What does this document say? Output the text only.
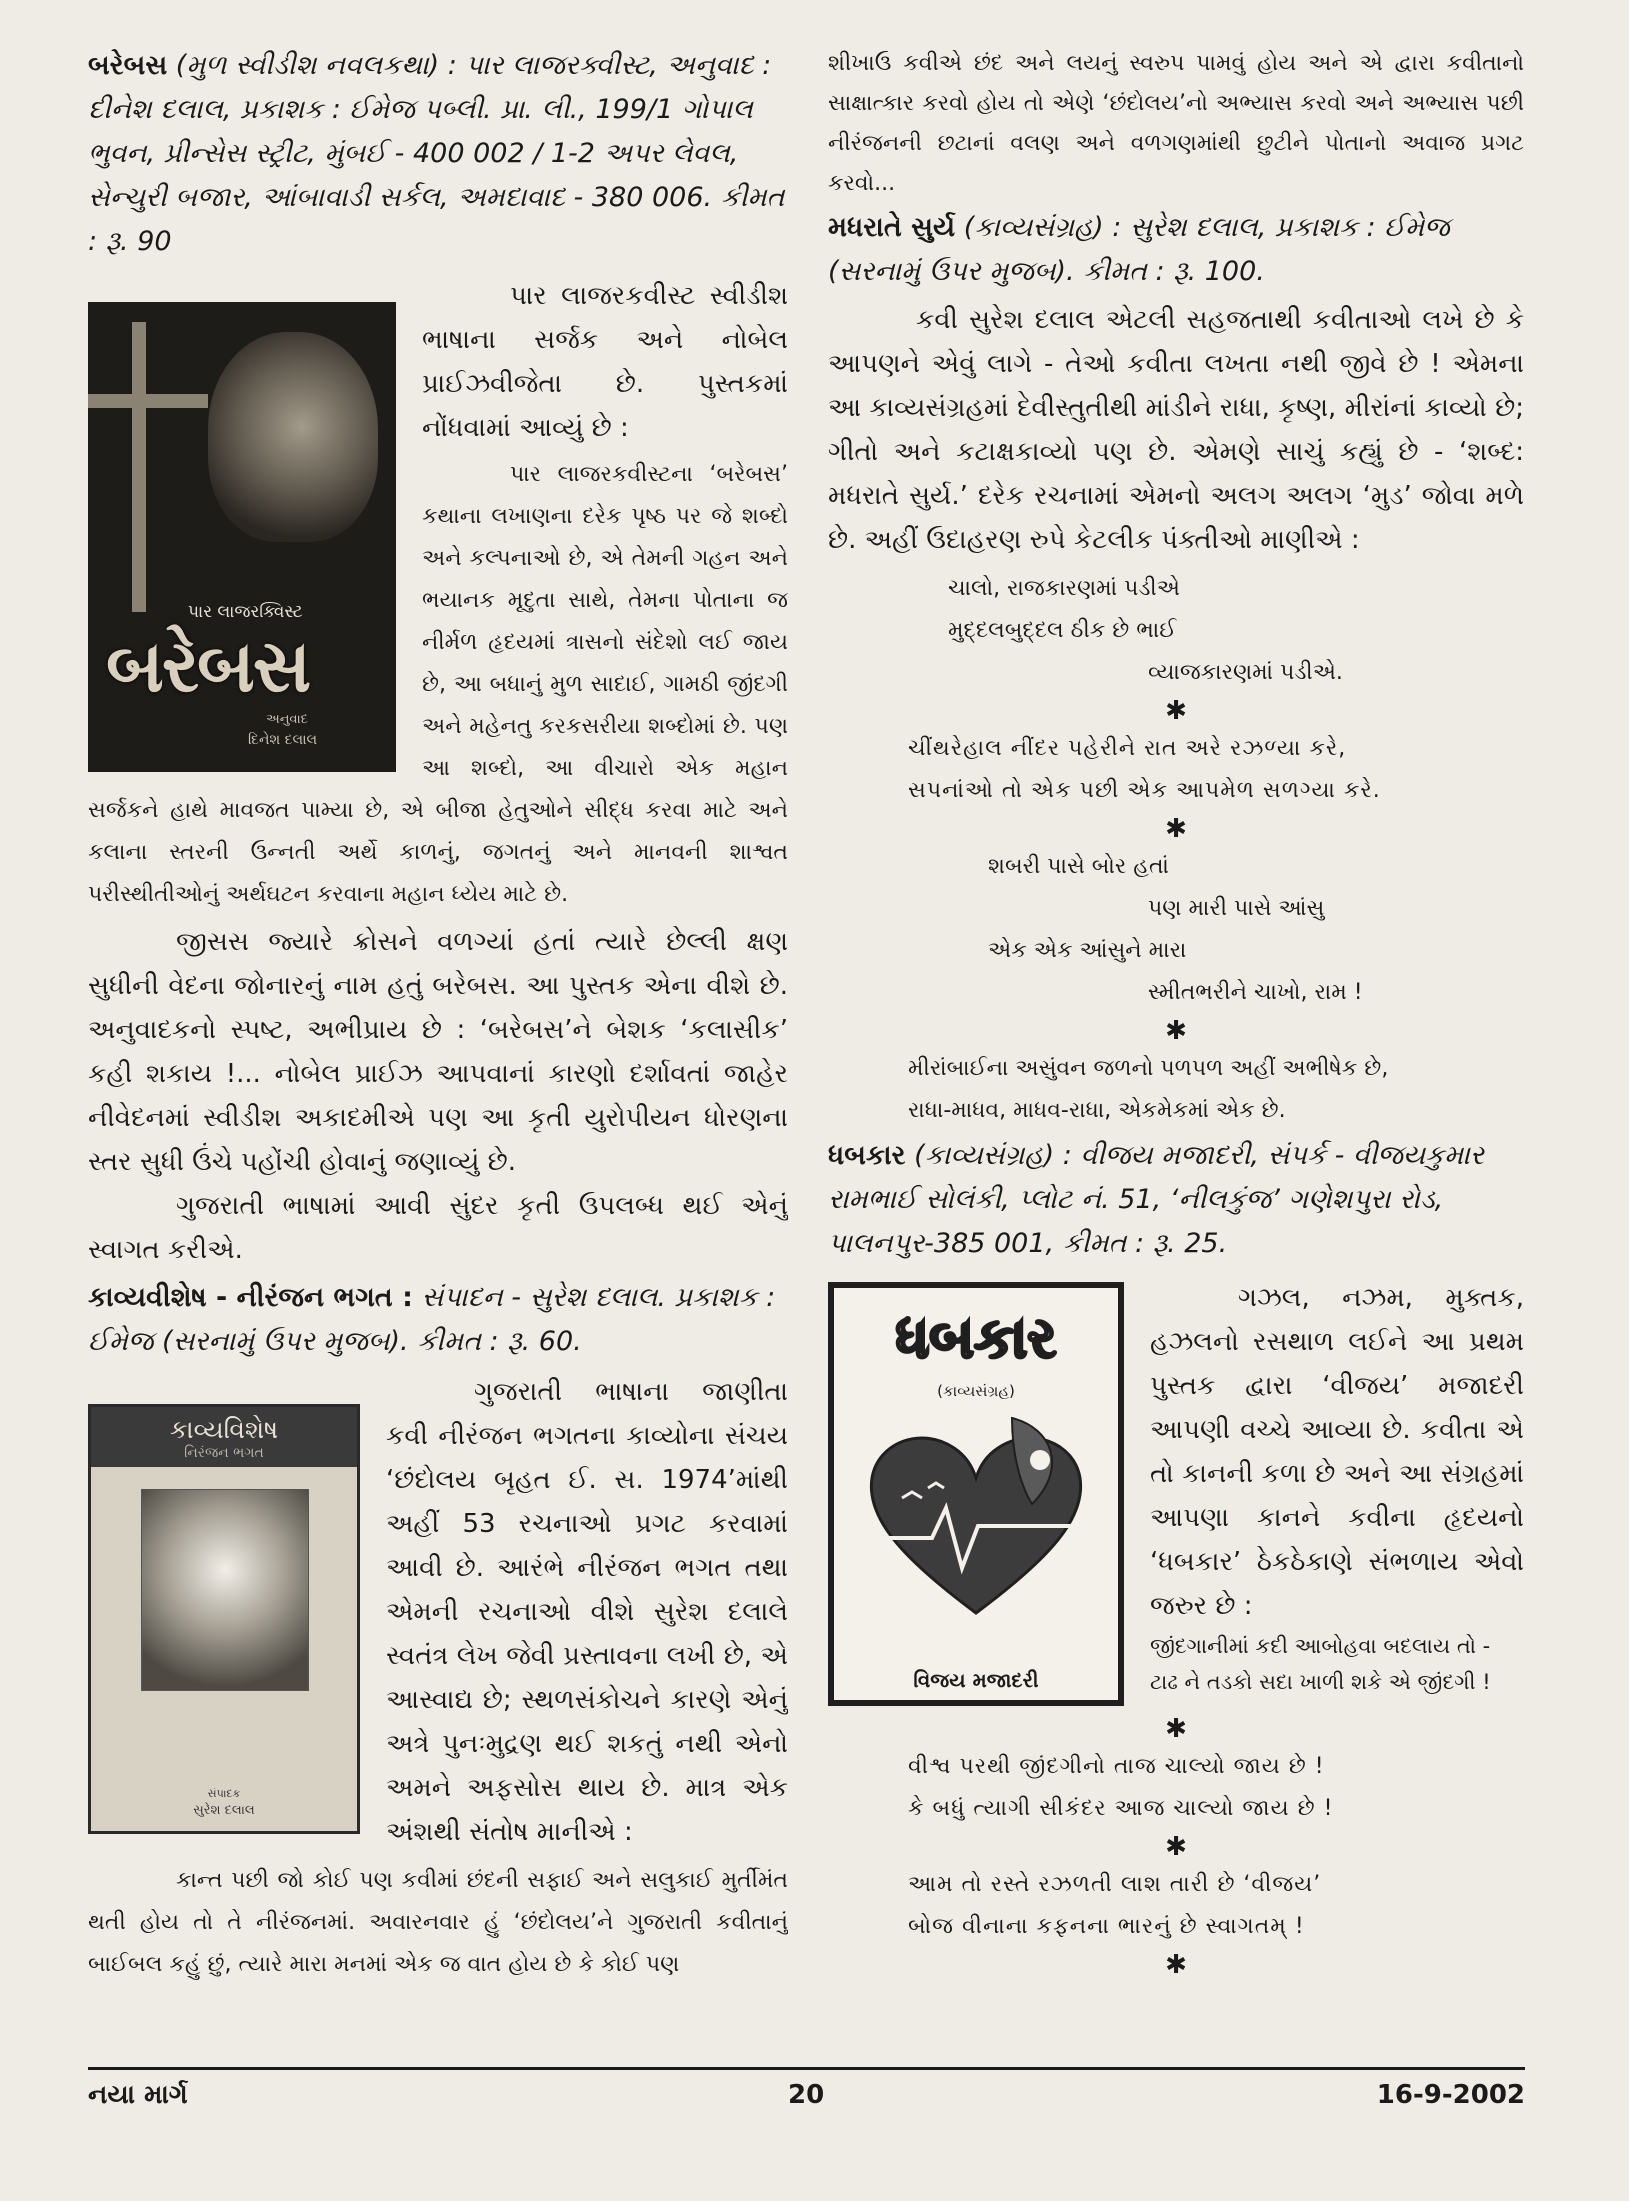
બરેબસ (મુળ સ્વીડીશ નવલકથા) : પાર લાજરક્વીસ્ટ, અનુવાદ : દીનેશ દલાલ, પ્રકાશક : ઈમેજ પબ્લી. પ્રા. લી., 199/1 ગોપાલ ભુવન, પ્રીન્સેસ સ્ટ્રીટ, મુંબઈ - 400 002 / 1-2 અપર લેવલ, સેન્ચુરી બજાર, આંબાવાડી સર્કલ, અમદાવાદ - 380 006. કીમત : રૂ. 90

પાર લાજરક્વિસ્ટ
બરેબસ
અનુવાદ
દિનેશ દલાલ

પાર લાજરકવીસ્ટ સ્વીડીશ ભાષાના સર્જક અને નોબેલ પ્રાઈઝવીજેતા છે. પુસ્તકમાં નોંધવામાં આવ્યું છે :

પાર લાજરકવીસ્ટના ‘બરેબસ’ કથાના લખાણના દરેક પૃષ્ઠ પર જે શબ્દો અને કલ્પનાઓ છે, એ તેમની ગહન અને ભયાનક મૃદુતા સાથે, તેમના પોતાના જ નીર્મળ હૃદયમાં ત્રાસનો સંદેશો લઈ જાય છે, આ બધાનું મુળ સાદાઈ, ગામઠી જીંદગી અને મહેનતુ કરકસરીયા શબ્દોમાં છે. પણ આ શબ્દો, આ વીચારો એક મહાન સર્જકને હાથે માવજત પામ્યા છે, એ બીજા હેતુઓને સીદ્ધ કરવા માટે અને કલાના સ્તરની ઉન્નતી અર્થે કાળનું, જગતનું અને માનવની શાશ્વત પરીસ્થીતીઓનું અર્થઘટન કરવાના મહાન ધ્યેય માટે છે.

જીસસ જ્યારે ક્રોસને વળગ્યાં હતાં ત્યારે છેલ્લી ક્ષણ સુધીની વેદના જોનારનું નામ હતું બરેબસ. આ પુસ્તક એના વીશે છે. અનુવાદકનો સ્પષ્ટ, અભીપ્રાય છે : ‘બરેબસ’ને બેશક ‘કલાસીક’ કહી શકાય !... નોબેલ પ્રાઈઝ આપવાનાં કારણો દર્શાવતાં જાહેર નીવેદનમાં સ્વીડીશ અકાદમીએ પણ આ કૃતી યુરોપીયન ધોરણના સ્તર સુધી ઉંચે પહોંચી હોવાનું જણાવ્યું છે.

ગુજરાતી ભાષામાં આવી સુંદર કૃતી ઉપલબ્ધ થઈ એનું સ્વાગત કરીએ.

કાવ્યવીશેષ - નીરંજન ભગત : સંપાદન - સુરેશ દલાલ. પ્રકાશક : ઈમેજ (સરનામું ઉપર મુજબ). કીમત : રૂ. 60.

કાવ્યવિશેષ
નિરંજન ભગત
સંપાદક
સુરેશ દલાલ

ગુજરાતી ભાષાના જાણીતા કવી નીરંજન ભગતના કાવ્યોના સંચય ‘છંદોલય બૃહત ઈ. સ. 1974’માંથી અહીં 53 રચનાઓ પ્રગટ કરવામાં આવી છે. આરંભે નીરંજન ભગત તથા એમની રચનાઓ વીશે સુરેશ દલાલે સ્વતંત્ર લેખ જેવી પ્રસ્તાવના લખી છે, એ આસ્વાદ્ય છે; સ્થળસંકોચને કારણે એનું અત્રે પુનઃમુદ્રણ થઈ શકતું નથી એનો અમને અફસોસ થાય છે. માત્ર એક અંશથી સંતોષ માનીએ :

કાન્ત પછી જો કોઈ પણ કવીમાં છંદની સફાઈ અને સલુકાઈ મુર્તીમંત થતી હોય તો તે નીરંજનમાં. અવારનવાર હું ‘છંદોલય’ને ગુજરાતી કવીતાનું બાઈબલ કહું છું, ત્યારે મારા મનમાં એક જ વાત હોય છે કે કોઈ પણ

શીખાઉ કવીએ છંદ અને લયનું સ્વરુપ પામવું હોય અને એ દ્વારા કવીતાનો સાક્ષાત્કાર કરવો હોય તો એણે ‘છંદોલય’નો અભ્યાસ કરવો અને અભ્યાસ પછી નીરંજનની છટાનાં વલણ અને વળગણમાંથી છુટીને પોતાનો અવાજ પ્રગટ કરવો...

મધરાતે સુર્ય (કાવ્યસંગ્રહ) : સુરેશ દલાલ, પ્રકાશક : ઈમેજ (સરનામું ઉપર મુજબ). કીમત : રૂ. 100.

કવી સુરેશ દલાલ એટલી સહજતાથી કવીતાઓ લખે છે કે આપણને એવું લાગે - તેઓ કવીતા લખતા નથી જીવે છે ! એમના આ કાવ્યસંગ્રહમાં દેવીસ્તુતીથી માંડીને રાધા, કૃષ્ણ, મીરાંનાં કાવ્યો છે; ગીતો અને કટાક્ષકાવ્યો પણ છે. એમણે સાચું કહ્યું છે - ‘શબ્દ: મધરાતે સુર્ય.’ દરેક રચનામાં એમનો અલગ અલગ ‘મુડ’ જોવા મળે છે. અહીં ઉદાહરણ રુપે કેટલીક પંક્તીઓ માણીએ :

ચાલો, રાજકારણમાં પડીએ
મુદ્દલબુદ્દલ ઠીક છે ભાઈ
વ્યાજકારણમાં પડીએ.
✱
ચીંથરેહાલ નીંદર પહેરીને રાત અરે રઝળ્યા કરે,
સપનાંઓ તો એક પછી એક આપમેળ સળગ્યા કરે.
✱
શબરી પાસે બોર હતાં
પણ મારી પાસે આંસુ
એક એક આંસુને મારા
સ્મીતભરીને ચાખો, રામ !
✱
મીરાંબાઈના અસુંવન જળનો પળપળ અહીં અભીષેક છે,
રાધા-માધવ, માધવ-રાધા, એકમેકમાં એક છે.

ધબકાર (કાવ્યસંગ્રહ) : વીજય મજાદરી, સંપર્ક - વીજયકુમાર રામભાઈ સોલંકી, પ્લોટ નં. 51, ‘નીલકુંજ’ ગણેશપુરા રોડ, પાલનપુર-385 001, કીમત : રૂ. 25.

ધબકાર
(કાવ્યસંગ્રહ)
વિજય મજાદરી

ગઝલ, નઝમ, મુક્તક, હઝલનો રસથાળ લઈને આ પ્રથમ પુસ્તક દ્વારા ‘વીજય’ મજાદરી આપણી વચ્ચે આવ્યા છે. કવીતા એ તો કાનની કળા છે અને આ સંગ્રહમાં આપણા કાનને કવીના હૃદયનો ‘ધબકાર’ ઠેકઠેકાણે સંભળાય એવો જરુર છે :

જીંદગાનીમાં કદી આબોહવા બદલાય તો -
ટાઢ ને તડકો સદા ખાળી શકે એ જીંદગી !
✱
વીશ્વ પરથી જીંદગીનો તાજ ચાલ્યો જાય છે !
કે બધું ત્યાગી સીકંદર આજ ચાલ્યો જાય છે !
✱
આમ તો રસ્તે રઝળતી લાશ તારી છે ‘વીજય’
બોજ વીનાના કફનના ભારનું છે સ્વાગતમ્ !
✱
નયા માર્ગ	20	16-9-2002
